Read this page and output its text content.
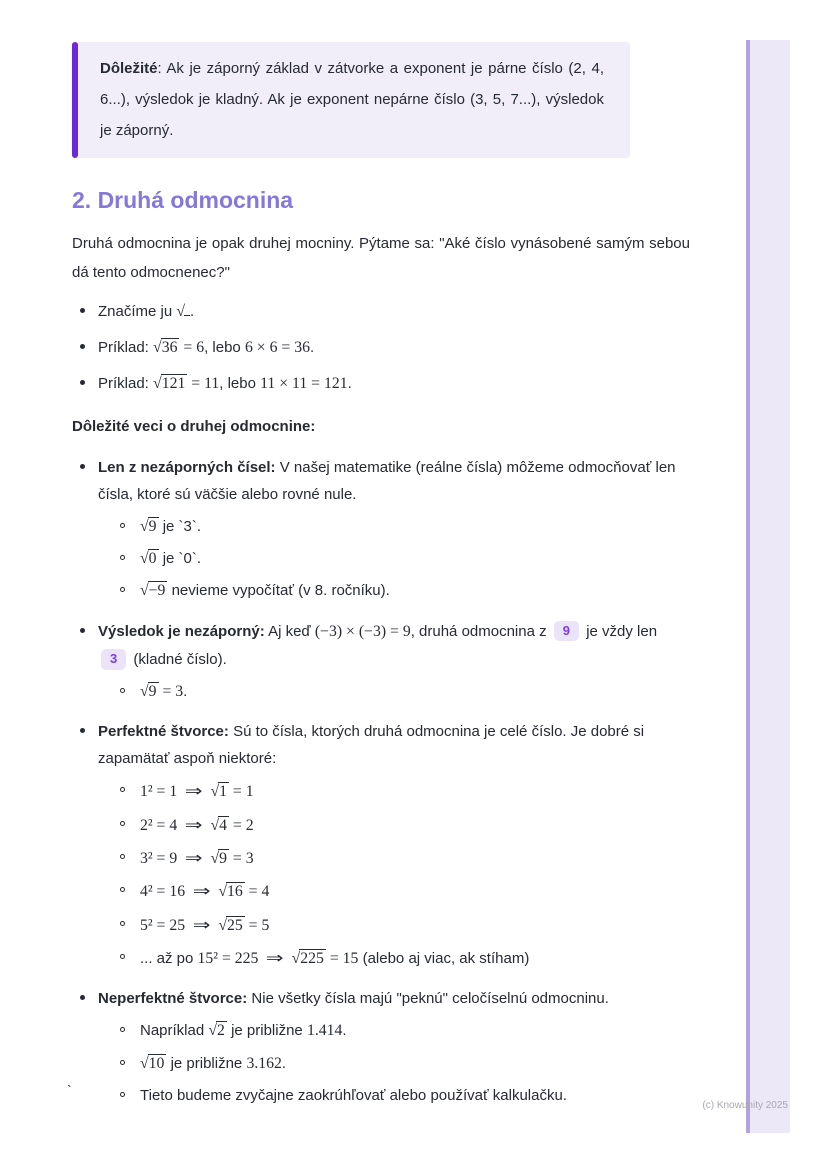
Dôležité: Ak je záporný základ v zátvorke a exponent je párne číslo (2, 4, 6...), výsledok je kladný. Ak je exponent nepárne číslo (3, 5, 7...), výsledok je záporný.

2. Druhá odmocnina

Druhá odmocnina je opak druhej mocniny. Pýtame sa: "Aké číslo vynásobené samým sebou dá tento odmocnenec?"

Značíme ju √ .
Príklad: √36 = 6, lebo 6 × 6 = 36.
Príklad: √121 = 11, lebo 11 × 11 = 121.

Dôležité veci o druhej odmocnine:

Len z nezáporných čísel: V našej matematike (reálne čísla) môžeme odmocňovať len čísla, ktoré sú väčšie alebo rovné nule.
√9 je `3`.
√0 je `0`.
√−9 nevieme vypočítať (v 8. ročníku).
Výsledok je nezáporný: Aj keď (−3) × (−3) = 9, druhá odmocnina z 9 je vždy len 3 (kladné číslo).
√9 = 3.
Perfektné štvorce: Sú to čísla, ktorých druhá odmocnina je celé číslo. Je dobré si zapamätať aspoň niektoré:
1² = 1 ⇒ √1 = 1
2² = 4 ⇒ √4 = 2
3² = 9 ⇒ √9 = 3
4² = 16 ⇒ √16 = 4
5² = 25 ⇒ √25 = 5
... až po 15² = 225 ⇒ √225 = 15 (alebo aj viac, ak stíham)
Neperfektné štvorce: Nie všetky čísla majú "peknú" celočíselnú odmocninu.
Napríklad √2 je približne 1.414.
√10 je približne 3.162.
Tieto budeme zvyčajne zaokrúhľovať alebo používať kalkulačku.
`
(c) Knowunity 2025
